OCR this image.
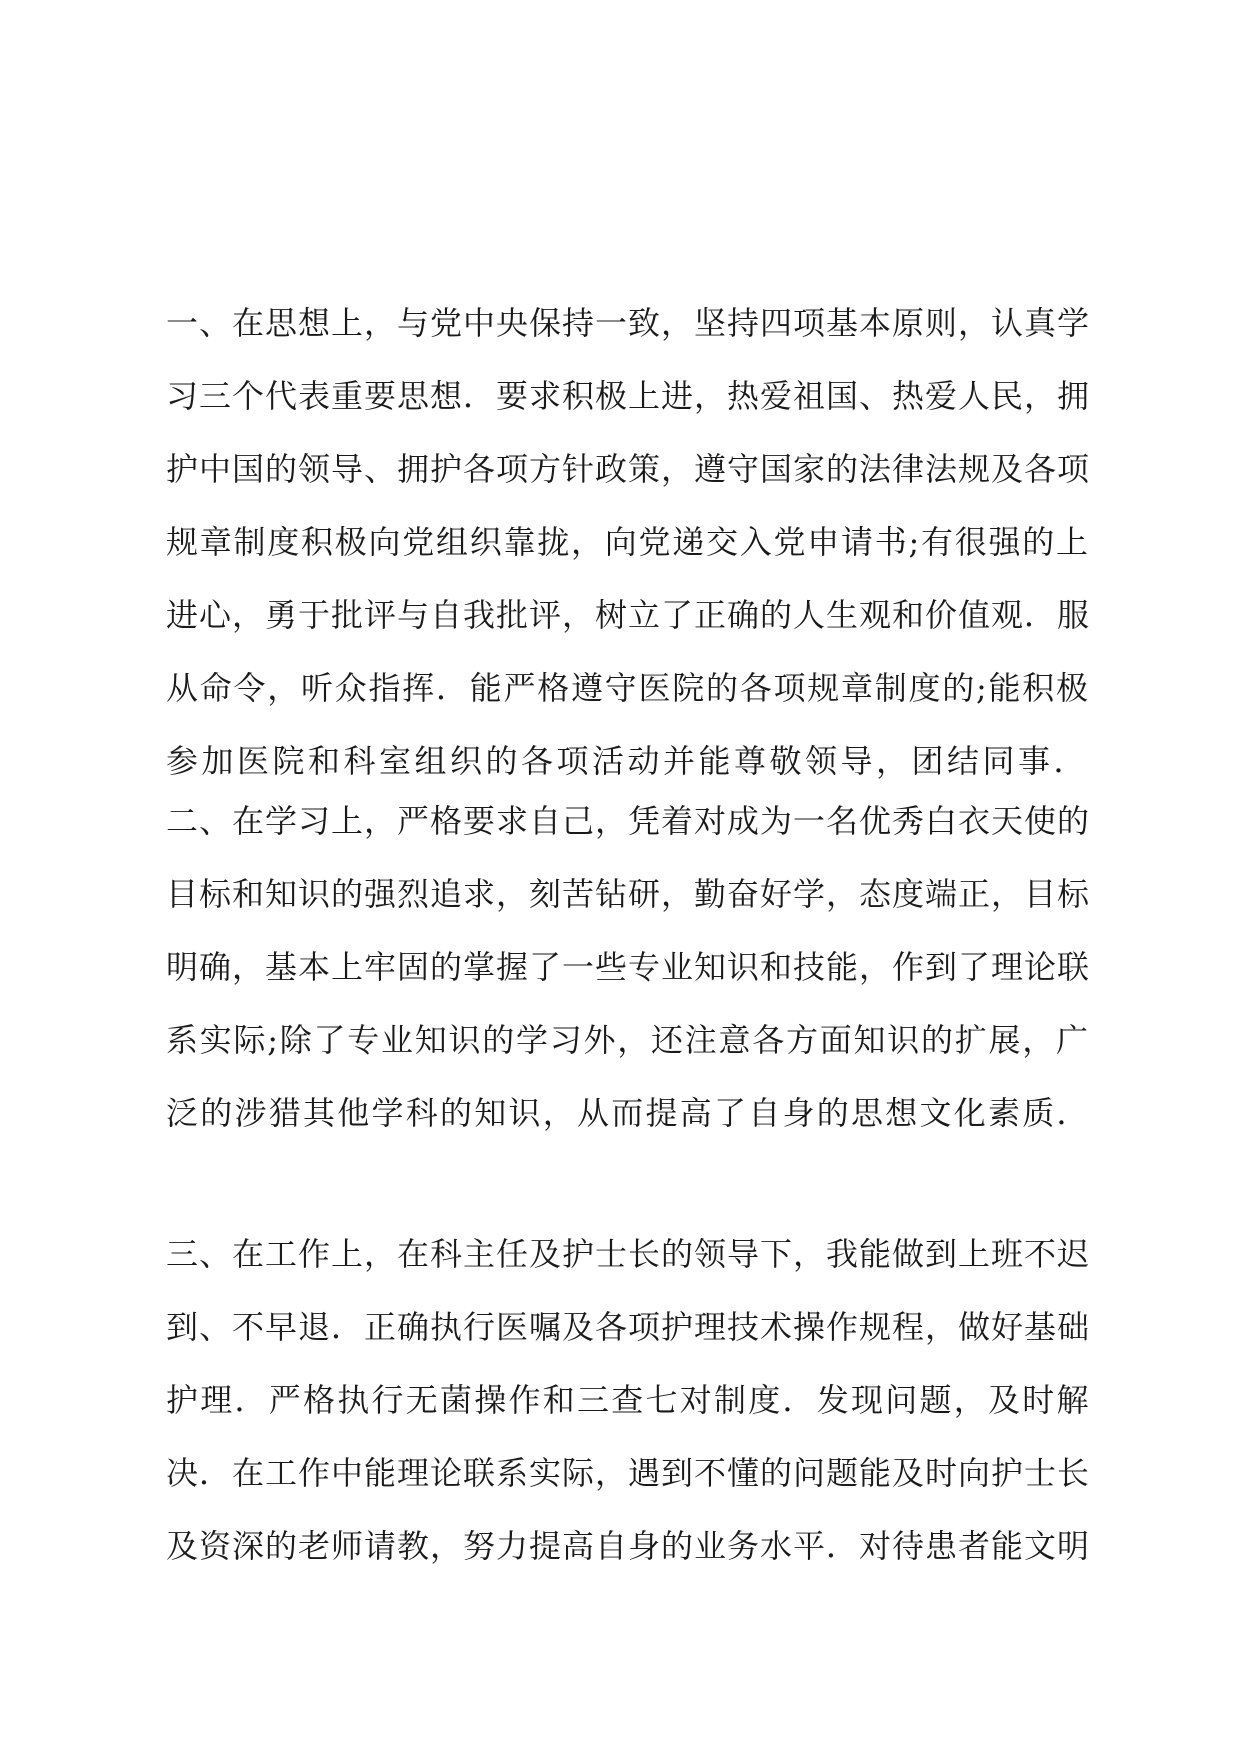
一、在思想上，与党中央保持一致，坚持四项基本原则，认真学
习三个代表重要思想．要求积极上进，热爱祖国、热爱人民，拥
护中国的领导、拥护各项方针政策，遵守国家的法律法规及各项
规章制度积极向党组织靠拢，向党递交入党申请书;有很强的上
进心，勇于批评与自我批评，树立了正确的人生观和价值观．服
从命令，听众指挥．能严格遵守医院的各项规章制度的;能积极
参加医院和科室组织的各项活动并能尊敬领导，团结同事．
二、在学习上，严格要求自己，凭着对成为一名优秀白衣天使的
目标和知识的强烈追求，刻苦钻研，勤奋好学，态度端正，目标
明确，基本上牢固的掌握了一些专业知识和技能，作到了理论联
系实际;除了专业知识的学习外，还注意各方面知识的扩展，广
泛的涉猎其他学科的知识，从而提高了自身的思想文化素质．
三、在工作上，在科主任及护士长的领导下，我能做到上班不迟
到、不早退．正确执行医嘱及各项护理技术操作规程，做好基础
护理．严格执行无菌操作和三查七对制度．发现问题，及时解
决．在工作中能理论联系实际，遇到不懂的问题能及时向护士长
及资深的老师请教，努力提高自身的业务水平．对待患者能文明
